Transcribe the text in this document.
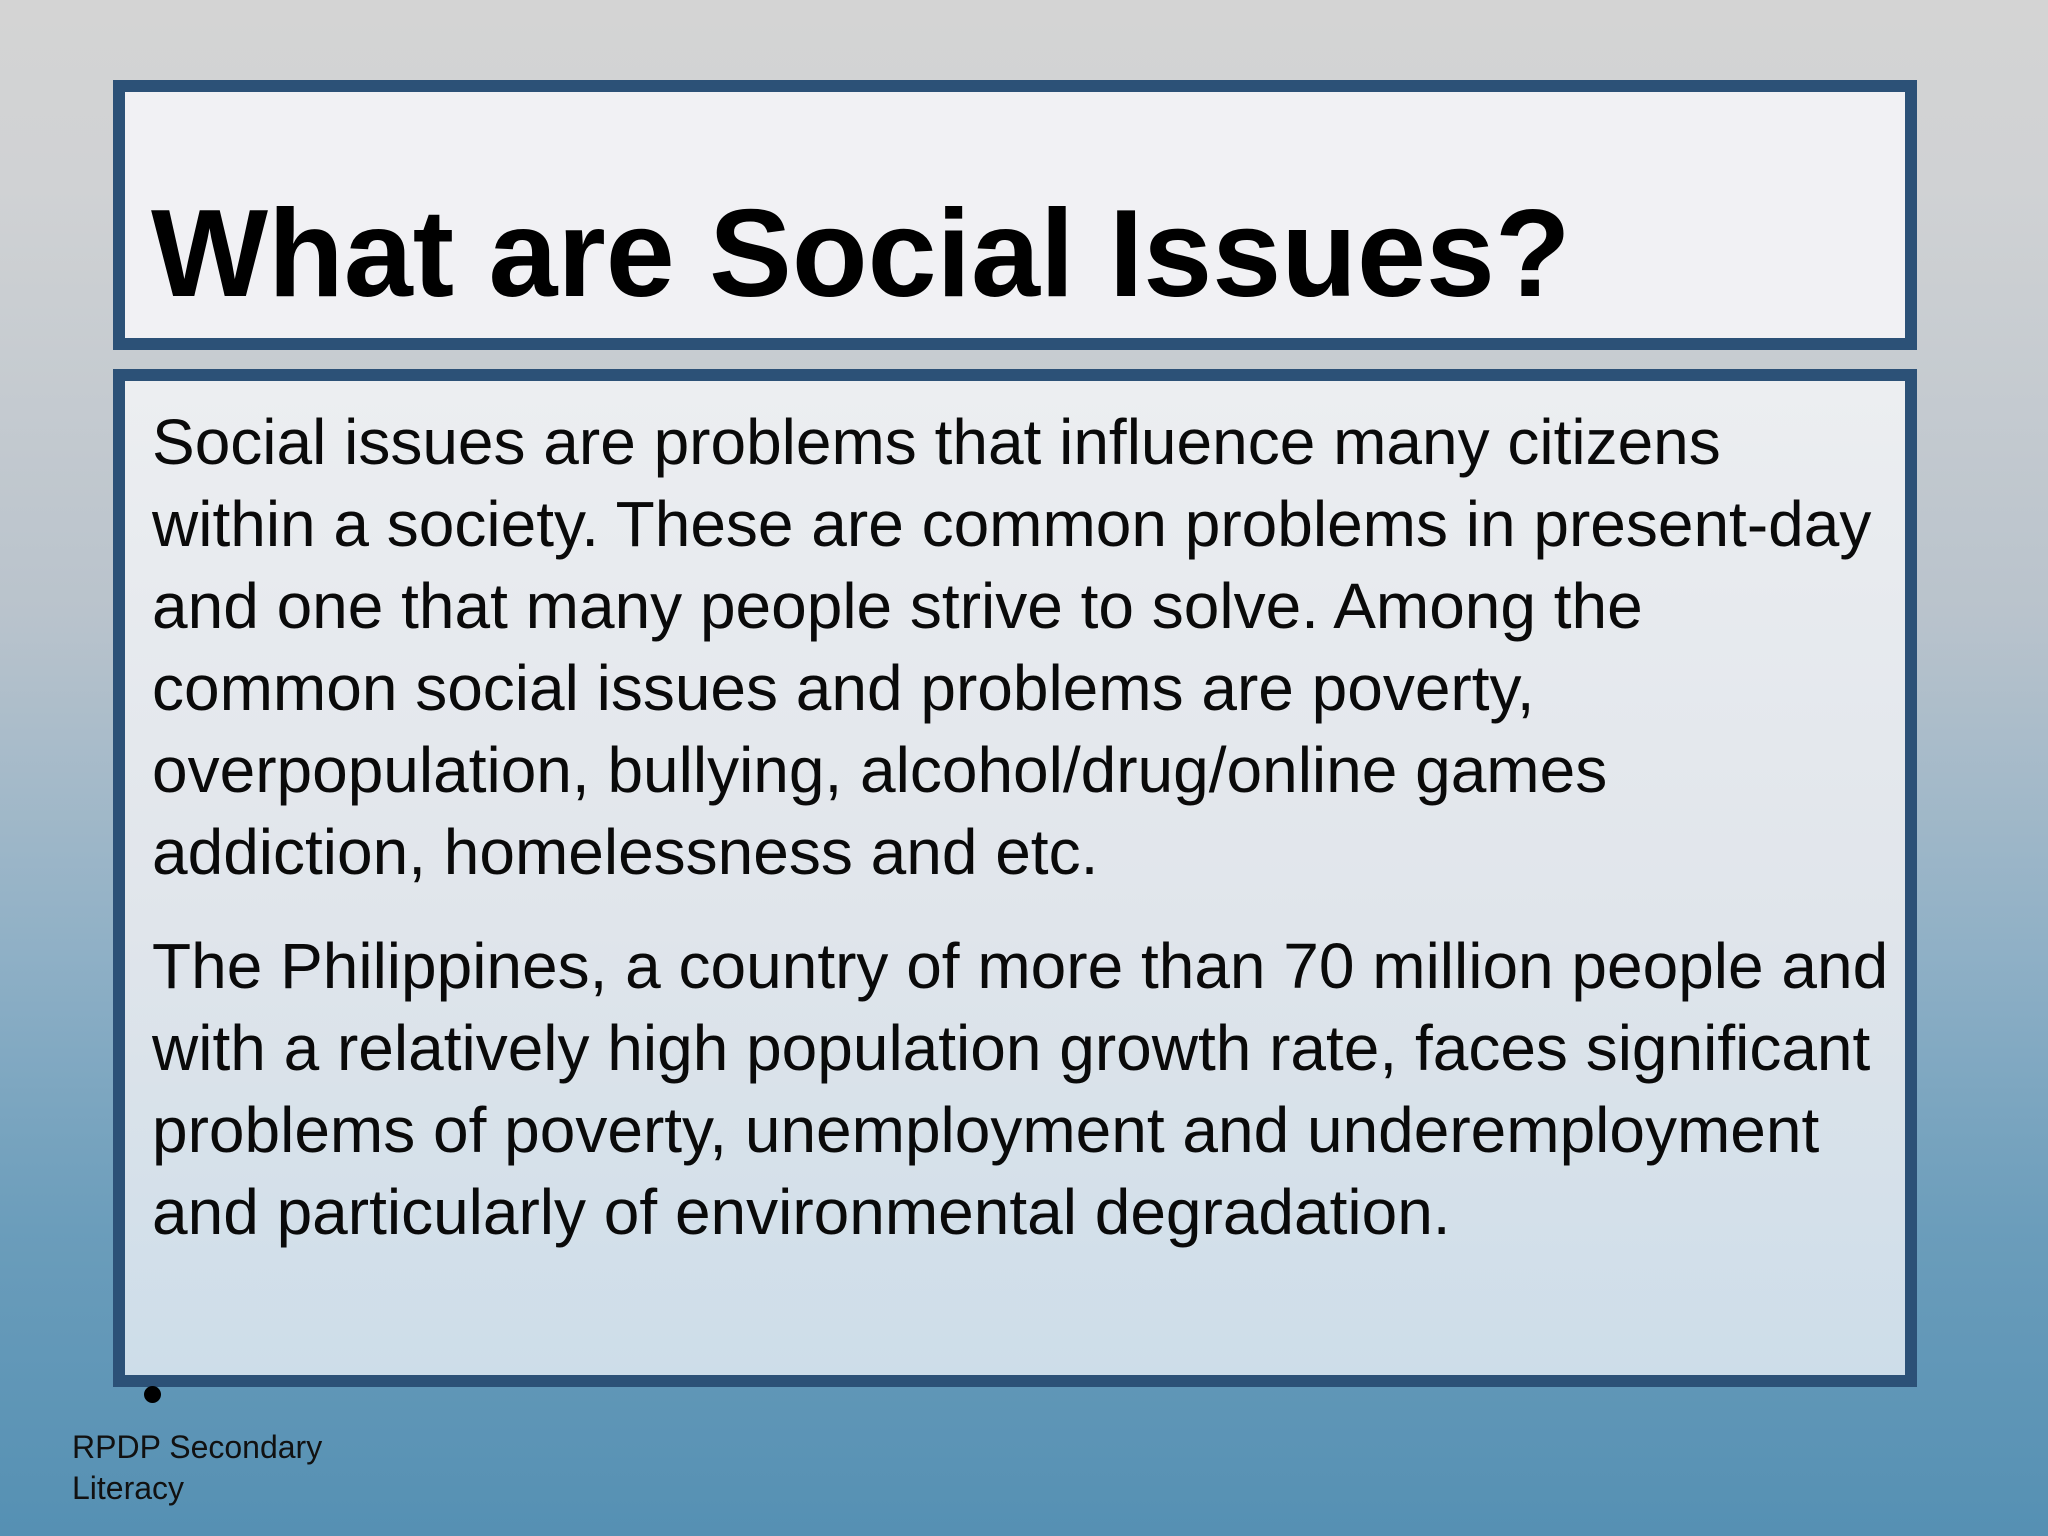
What are Social Issues?

Social issues are problems that influence many citizens within a society. These are common problems in present-day and one that many people strive to solve. Among the common social issues and problems are poverty, overpopulation, bullying, alcohol/drug/online games addiction, homelessness and etc.

The Philippines, a country of more than 70 million people and with a relatively high population growth rate, faces significant problems of poverty, unemployment and underemployment and particularly of environmental degradation.

RPDP Secondary
Literacy
